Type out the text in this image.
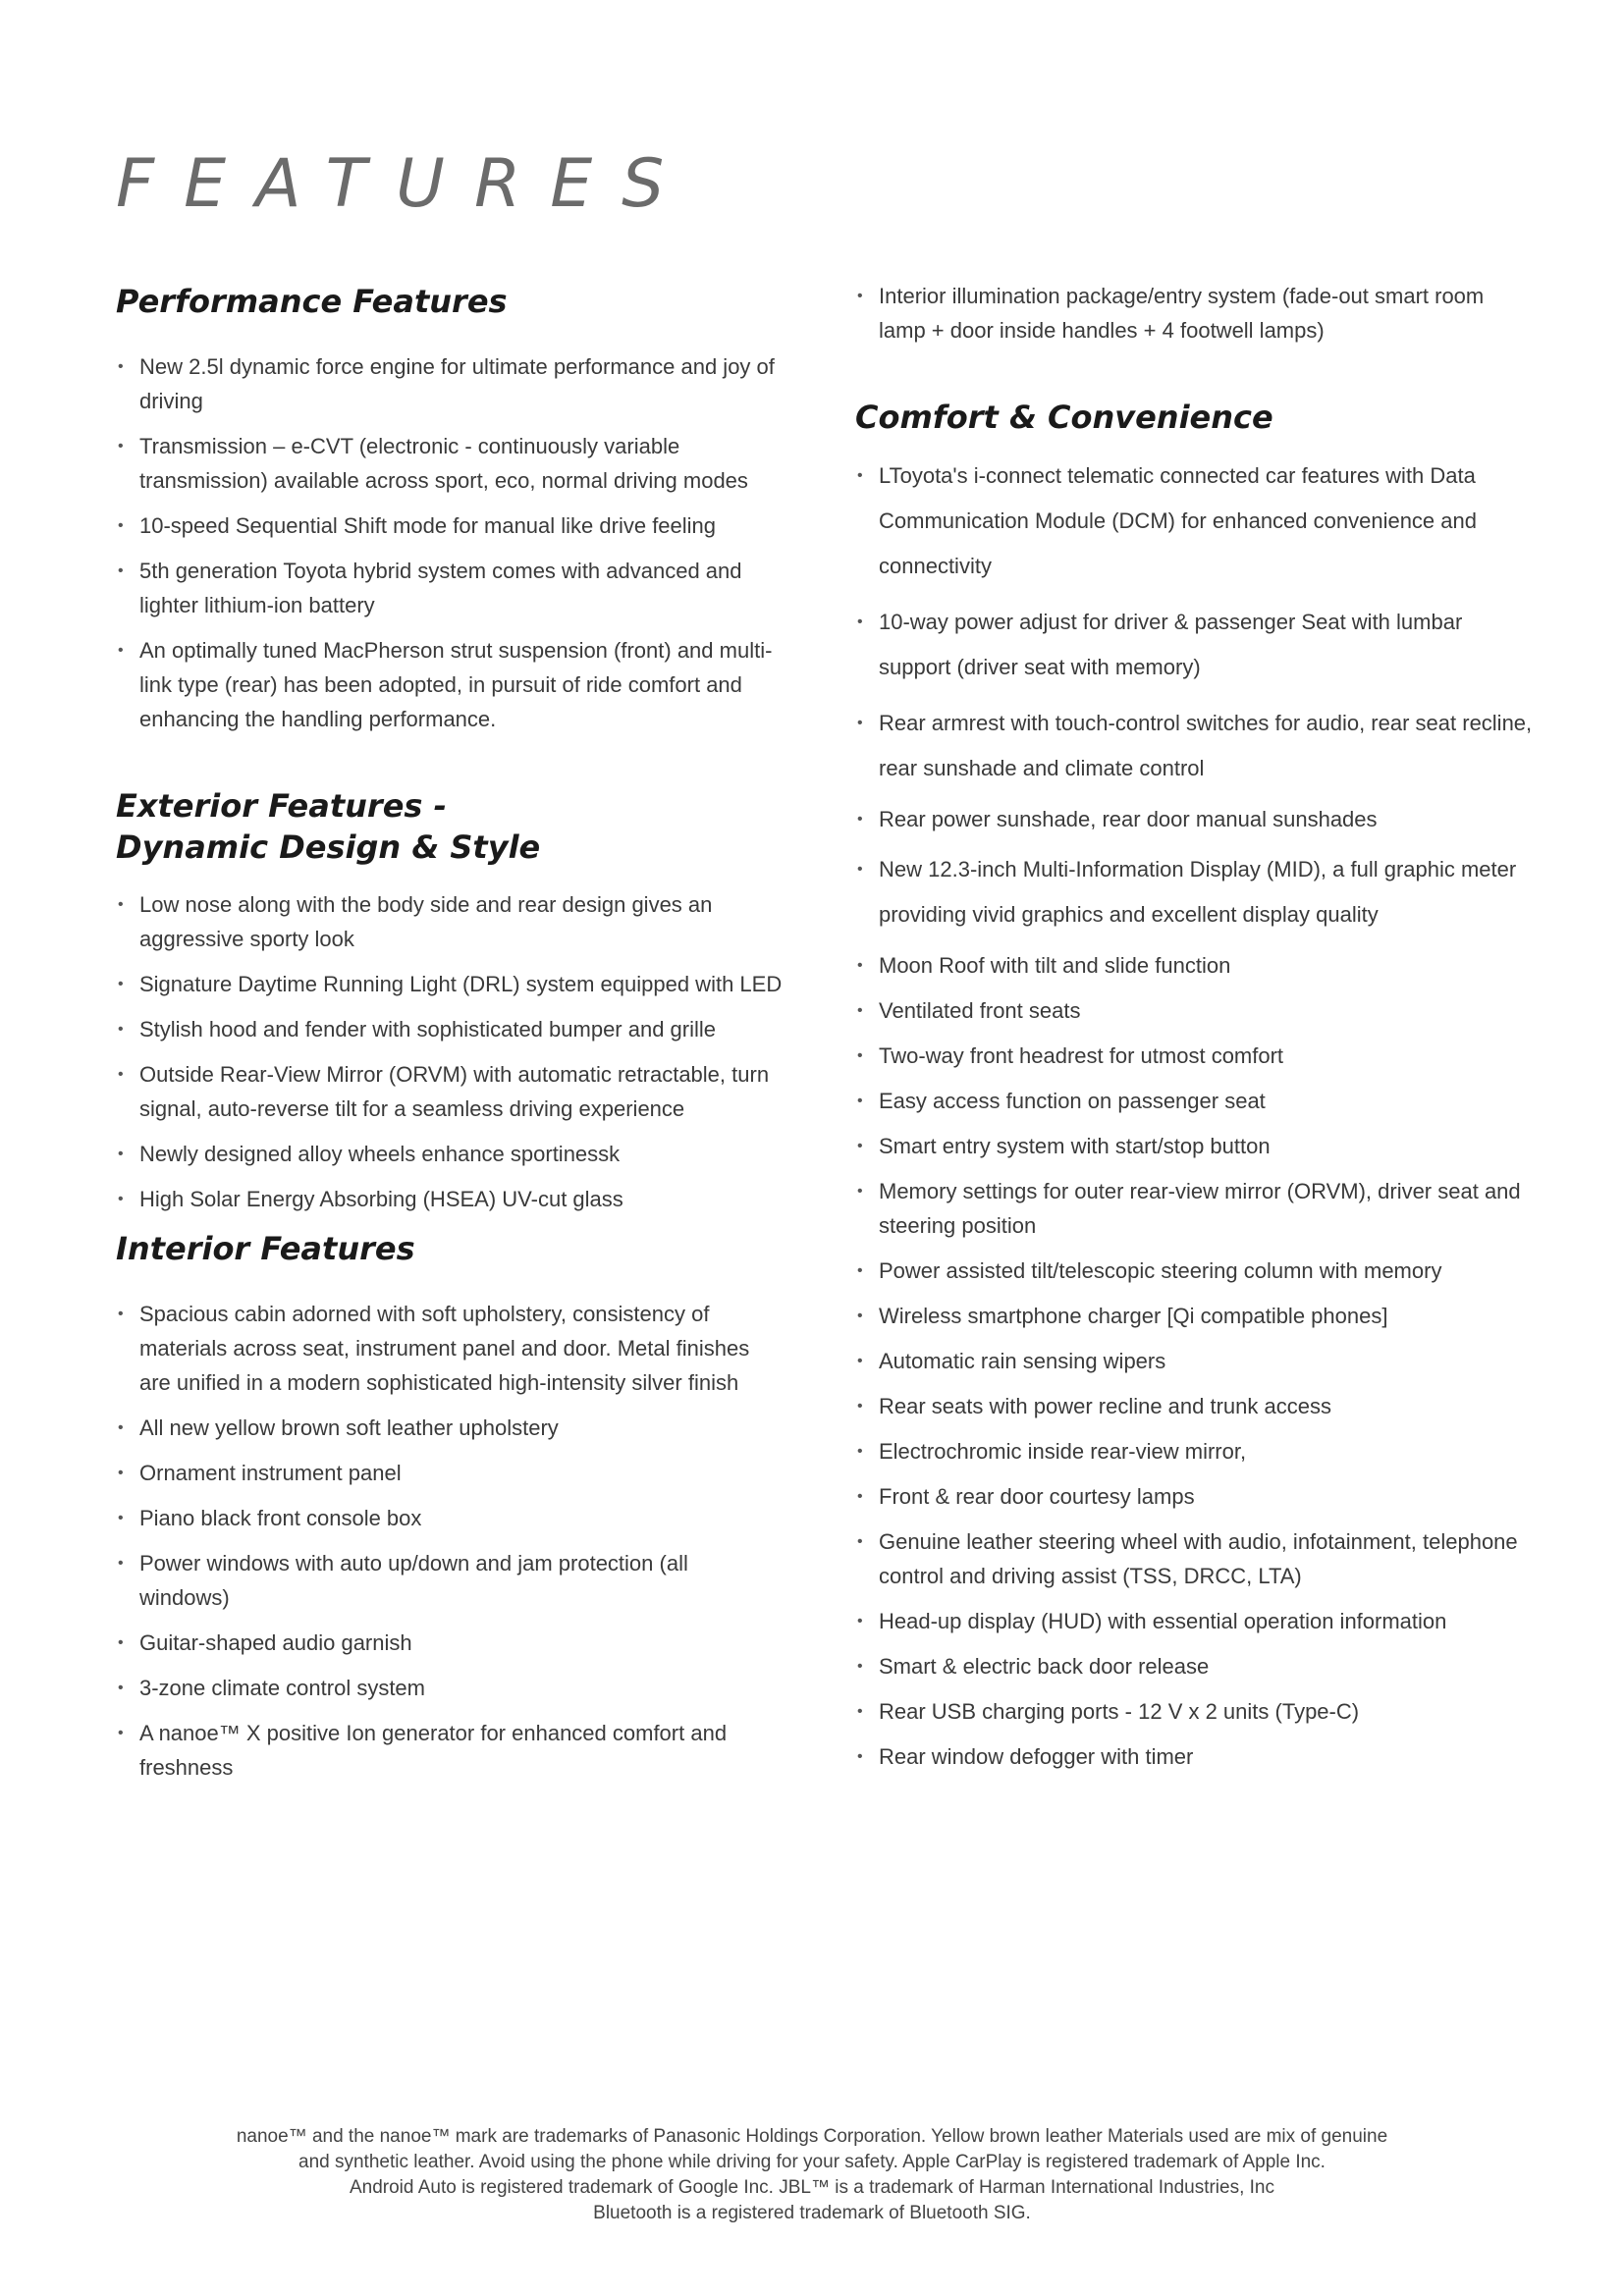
FEATURES
Performance Features
• New 2.5l dynamic force engine for ultimate performance and joy of driving
• Transmission – e-CVT (electronic - continuously variable transmission) available across sport, eco, normal driving modes
• 10-speed Sequential Shift mode for manual like drive feeling
• 5th generation Toyota hybrid system comes with advanced and lighter lithium-ion battery
• An optimally tuned MacPherson strut suspension (front) and multi-link type (rear) has been adopted, in pursuit of ride comfort and enhancing the handling performance.
Exterior Features - Dynamic Design & Style
• Low nose along with the body side and rear design gives an aggressive sporty look
• Signature Daytime Running Light (DRL) system equipped with LED
• Stylish hood and fender with sophisticated bumper and grille
• Outside Rear-View Mirror (ORVM) with automatic retractable, turn signal, auto-reverse tilt for a seamless driving experience
• Newly designed alloy wheels enhance sportinessk
• High Solar Energy Absorbing (HSEA) UV-cut glass
Interior Features
• Spacious cabin adorned with soft upholstery, consistency of materials across seat, instrument panel and door. Metal finishes are unified in a modern sophisticated high-intensity silver finish
• All new yellow brown soft leather upholstery
• Ornament instrument panel
• Piano black front console box
• Power windows with auto up/down and jam protection (all windows)
• Guitar-shaped audio garnish
• 3-zone climate control system
• A nanoe™ X positive Ion generator for enhanced comfort and freshness
• Interior illumination package/entry system (fade-out smart room lamp + door inside handles + 4 footwell lamps)
Comfort & Convenience
• LToyota's i-connect telematic connected car features with Data Communication Module (DCM) for enhanced convenience and connectivity
• 10-way power adjust for driver & passenger Seat with lumbar support (driver seat with memory)
• Rear armrest with touch-control switches for audio, rear seat recline, rear sunshade and climate control
• Rear power sunshade, rear door manual sunshades
• New 12.3-inch Multi-Information Display (MID), a full graphic meter providing vivid graphics and excellent display quality
• Moon Roof with tilt and slide function
• Ventilated front seats
• Two-way front headrest for utmost comfort
• Easy access function on passenger seat
• Smart entry system with start/stop button
• Memory settings for outer rear-view mirror (ORVM), driver seat and steering position
• Power assisted tilt/telescopic steering column with memory
• Wireless smartphone charger [Qi compatible phones]
• Automatic rain sensing wipers
• Rear seats with power recline and trunk access
• Electrochromic inside rear-view mirror,
• Front & rear door courtesy lamps
• Genuine leather steering wheel with audio, infotainment, telephone control and driving assist (TSS, DRCC, LTA)
• Head-up display (HUD) with essential operation information
• Smart & electric back door release
• Rear USB charging ports - 12 V x 2 units (Type-C)
• Rear window defogger with timer
nanoe™ and the nanoe™ mark are trademarks of Panasonic Holdings Corporation. Yellow brown leather Materials used are mix of genuine
and synthetic leather. Avoid using the phone while driving for your safety. Apple CarPlay is registered trademark of Apple Inc.
Android Auto is registered trademark of Google Inc. JBL™ is a trademark of Harman International Industries, Inc
Bluetooth is a registered trademark of Bluetooth SIG.
